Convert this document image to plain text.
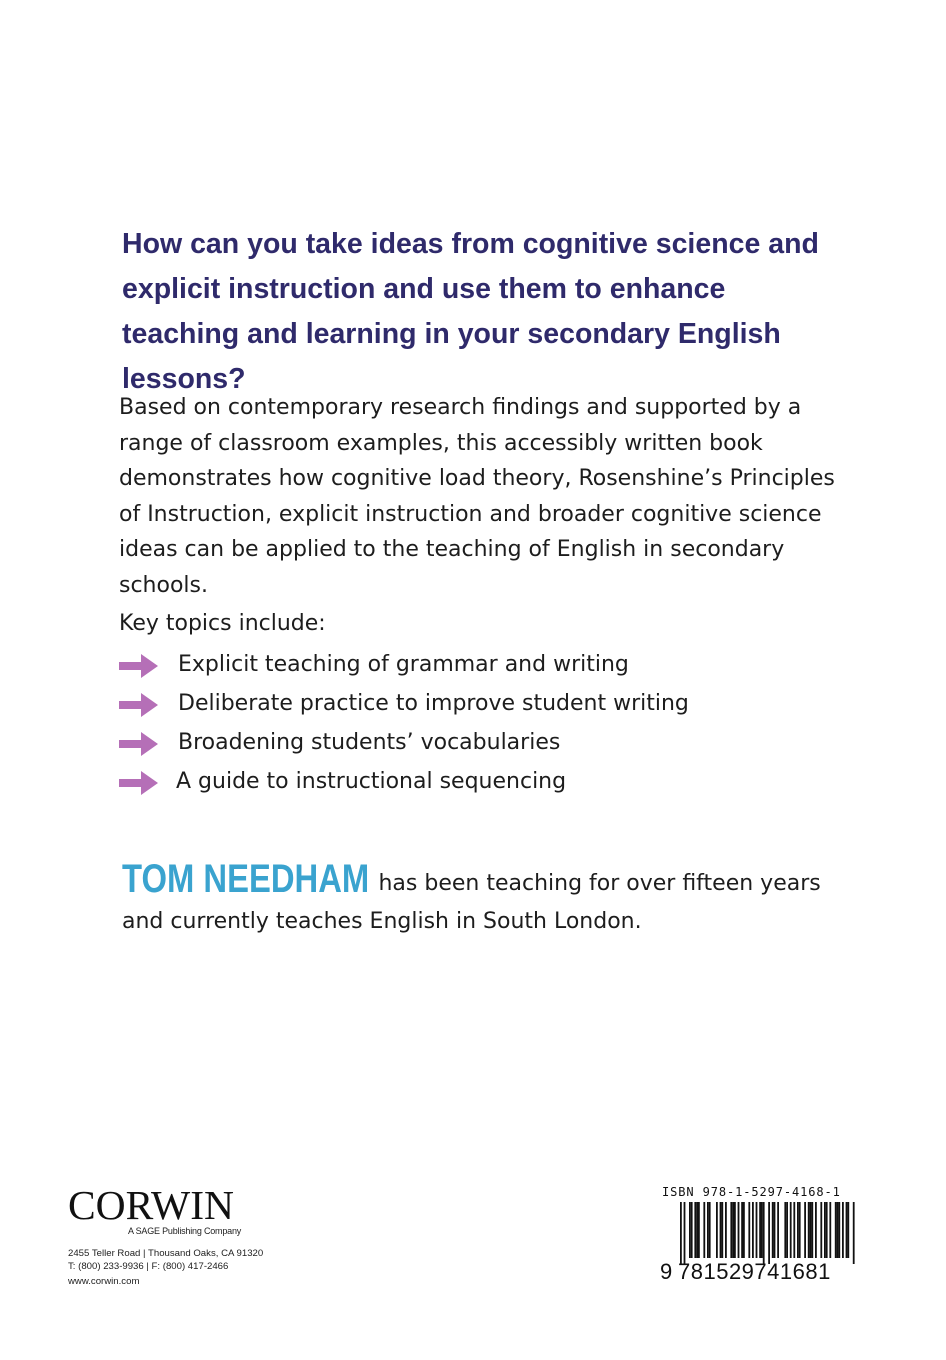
How can you take ideas from cognitive science and explicit instruction and use them to enhance teaching and learning in your secondary English lessons?

Based on contemporary research findings and supported by a range of classroom examples, this accessibly written book demonstrates how cognitive load theory, Rosenshine’s Principles of Instruction, explicit instruction and broader cognitive science ideas can be applied to the teaching of English in secondary schools.

Key topics include:

Explicit teaching of grammar and writing
Deliberate practice to improve student writing
Broadening students’ vocabularies
A guide to instructional sequencing

TOM NEEDHAM has been teaching for over fifteen years and currently teaches English in South London.

CORWIN
A SAGE Publishing Company
2455 Teller Road | Thousand Oaks, CA 91320
T: (800) 233-9936 | F: (800) 417-2466
www.corwin.com
ISBN 978-1-5297-4168-1
9 781529741681
